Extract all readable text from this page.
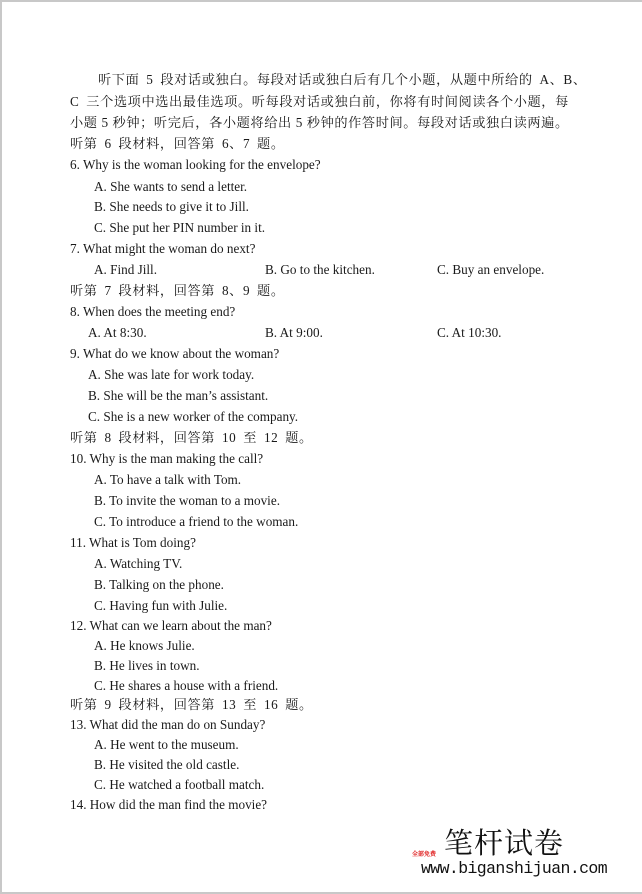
听下面 5 段对话或独白。每段对话或独白后有几个小题，从题中所给的 A、B、
C 三个选项中选出最佳选项。听每段对话或独白前，你将有时间阅读各个小题，每
小题 5 秒钟；听完后，各小题将给出 5 秒钟的作答时间。每段对话或独白读两遍。
听第 6 段材料，回答第 6、7 题。
6. Why is the woman looking for the envelope?
A. She wants to send a letter.
B. She needs to give it to Jill.
C. She put her PIN number in it.
7. What might the woman do next?
A. Find Jill.	B. Go to the kitchen.	C. Buy an envelope.
听第 7 段材料，回答第 8、9 题。
8. When does the meeting end?
A. At 8:30.	B. At 9:00.	C. At 10:30.
9. What do we know about the woman?
A. She was late for work today.
B. She will be the man’s assistant.
C. She is a new worker of the company.
听第 8 段材料，回答第 10 至 12 题。
10. Why is the man making the call?
A. To have a talk with Tom.
B. To invite the woman to a movie.
C. To introduce a friend to the woman.
11. What is Tom doing?
A. Watching TV.
B. Talking on the phone.
C. Having fun with Julie.
12. What can we learn about the man?
A. He knows Julie.
B. He lives in town.
C. He shares a house with a friend.
听第 9 段材料，回答第 13 至 16 题。
13. What did the man do on Sunday?
A. He went to the museum.
B. He visited the old castle.
C. He watched a football match.
14. How did the man find the movie?
全部免费 笔杆试卷
www.biganshijuan.com
